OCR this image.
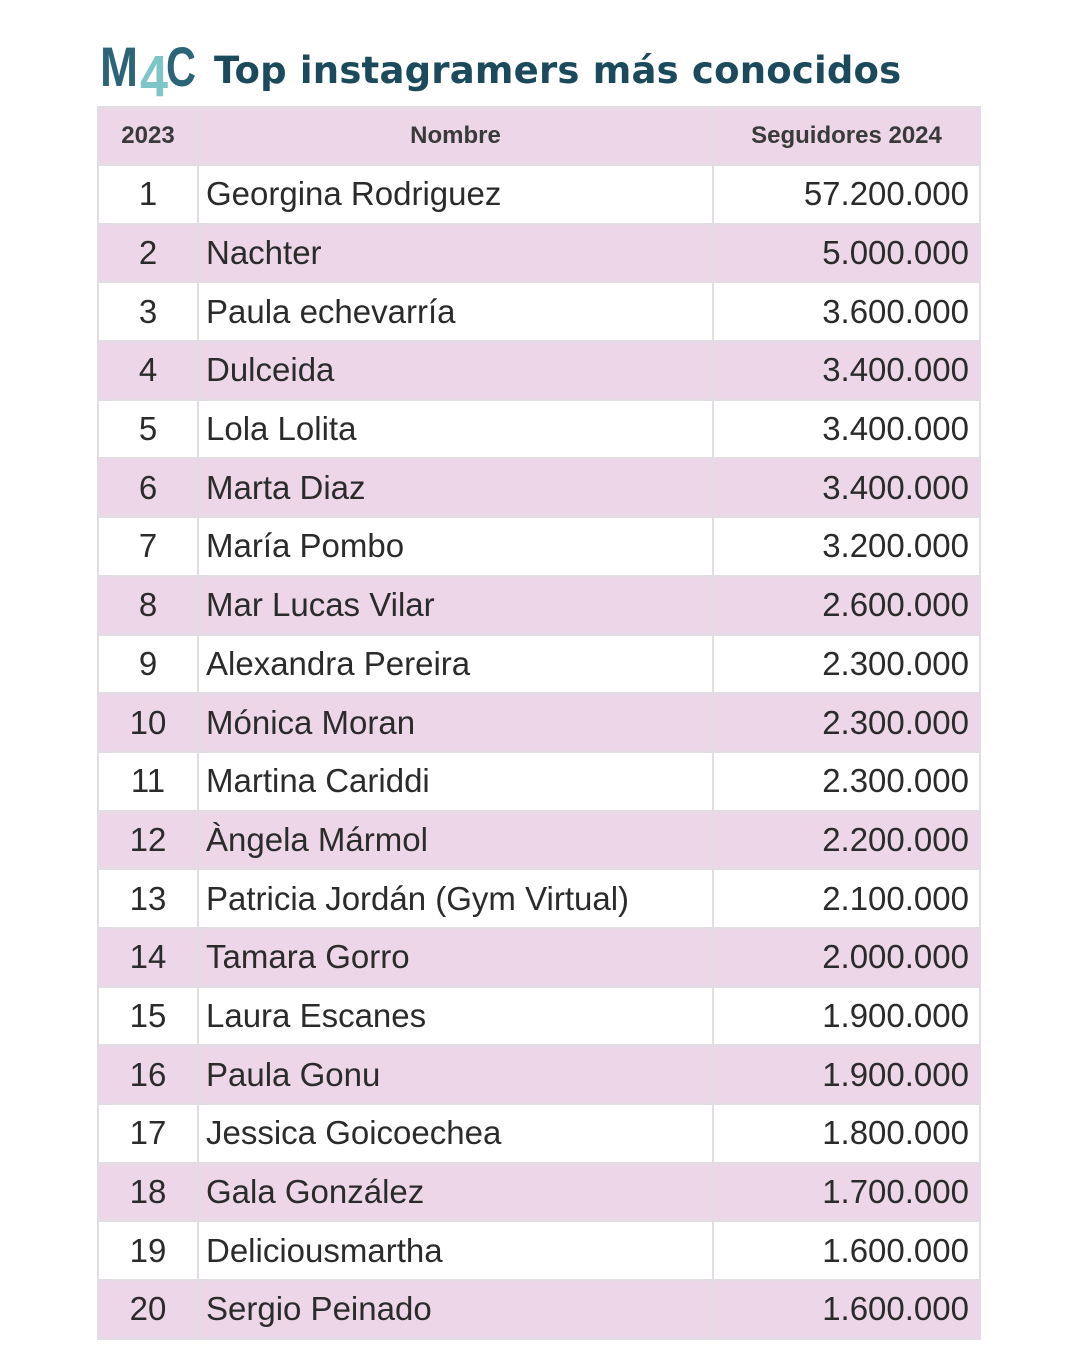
M 4
C Top instagramers más conocidos
2023	Nombre	Seguidores 2024
1	Georgina Rodriguez	57.200.000
2	Nachter	5.000.000
3	Paula echevarría	3.600.000
4	Dulceida	3.400.000
5	Lola Lolita	3.400.000
6	Marta Diaz	3.400.000
7	María Pombo	3.200.000
8	Mar Lucas Vilar	2.600.000
9	Alexandra Pereira	2.300.000
10	Mónica Moran	2.300.000
11	Martina Cariddi	2.300.000
12	Àngela Mármol	2.200.000
13	Patricia Jordán (Gym Virtual)	2.100.000
14	Tamara Gorro	2.000.000
15	Laura Escanes	1.900.000
16	Paula Gonu	1.900.000
17	Jessica Goicoechea	1.800.000
18	Gala González	1.700.000
19	Deliciousmartha	1.600.000
20	Sergio Peinado	1.600.000
